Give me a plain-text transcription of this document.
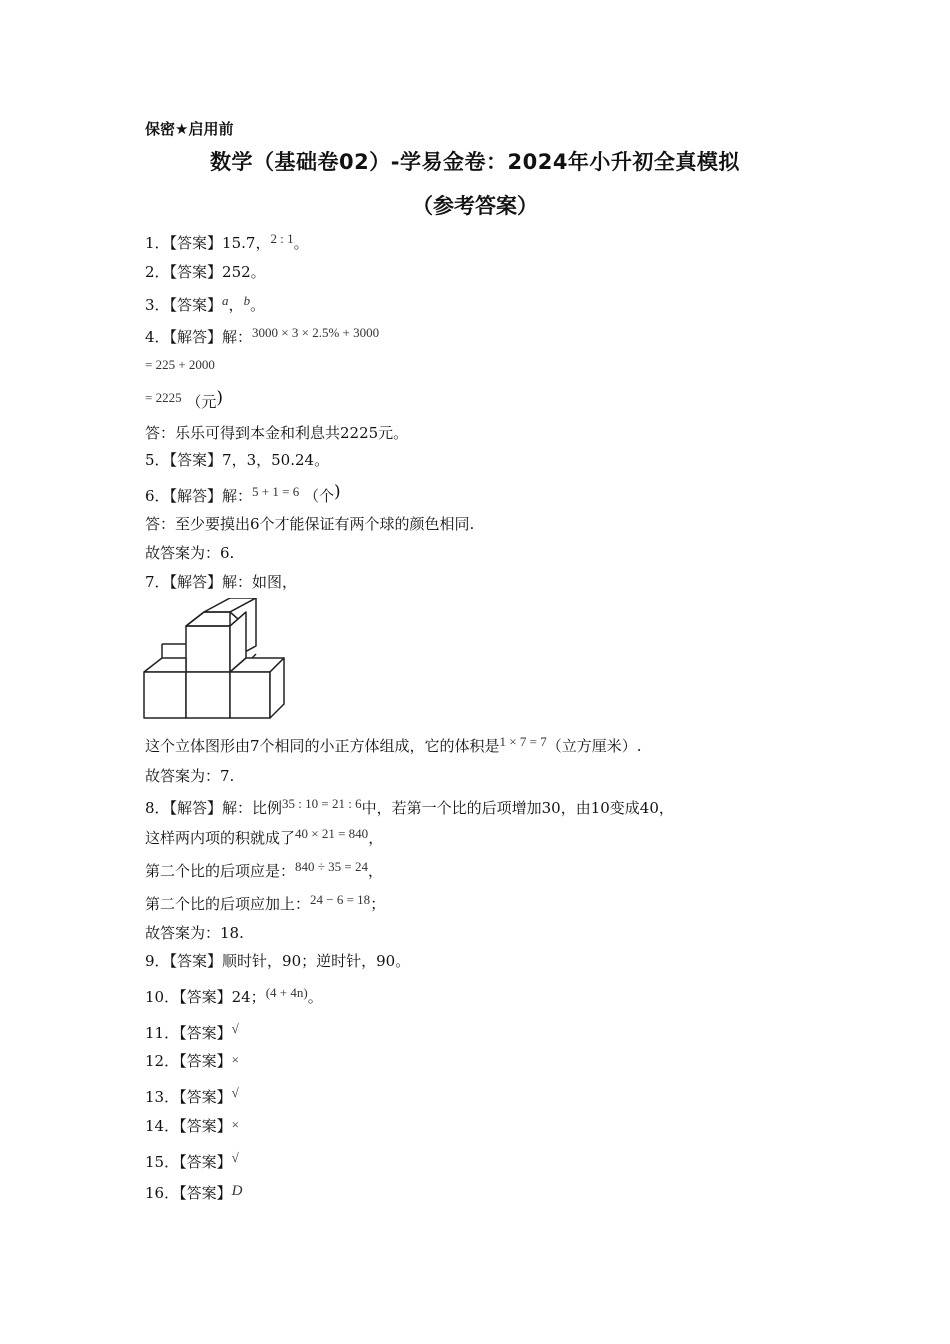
保密★启用前
数学（基础卷02）-学易金卷：2024年小升初全真模拟
（参考答案）
1．【答案】15.7，2 : 1。
2．【答案】252。
3．【答案】a，b。
4．【解答】解：3000 × 3 × 2.5% + 3000
= 225 + 2000
= 2225 （元)
答：乐乐可得到本金和利息共2225元。
5．【答案】7，3，50.24。
6．【解答】解：5 + 1 = 6 （个)
答：至少要摸出6个才能保证有两个球的颜色相同.
故答案为：6.
7．【解答】解：如图，
这个立体图形由7个相同的小正方体组成，它的体积是1 × 7 = 7（立方厘米）.
故答案为：7.
8．【解答】解：比例35 : 10 = 21 : 6中，若第一个比的后项增加30，由10变成40，
这样两内项的积就成了40 × 21 = 840，
第二个比的后项应是：840 ÷ 35 = 24，
第二个比的后项应加上：24 − 6 = 18；
故答案为：18.
9．【答案】顺时针，90；逆时针，90。
10．【答案】24；(4 + 4n)。
11．【答案】√
12．【答案】×
13．【答案】√
14．【答案】×
15．【答案】√
16．【答案】D
